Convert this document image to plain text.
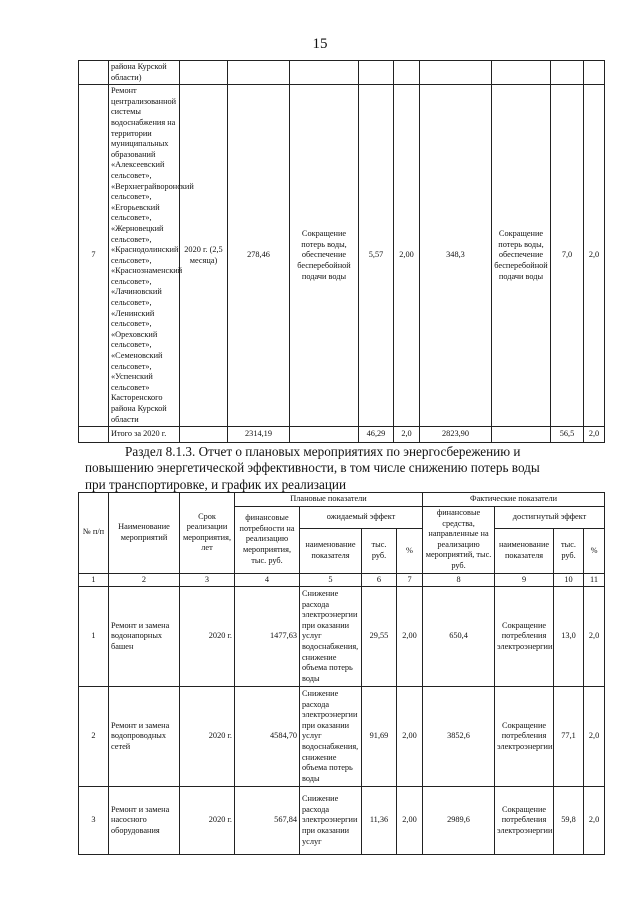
15
	района Курской области)									
7	Ремонт централизованной системы водоснабжения на территории муниципальных образований «Алексеевский сельсовет», «Верхнеграйворонский сельсовет», «Егорьевский сельсовет», «Жерновецкий сельсовет», «Краснодолинский сельсовет», «Краснознаменский сельсовет», «Лачиновский сельсовет», «Ленинский сельсовет», «Ореховский сельсовет», «Семеновский сельсовет», «Успенский сельсовет» Касторенского района Курской области	2020 г. (2,5 месяца)	278,46	Сокращение потерь воды, обеспечение бесперебойной подачи воды	5,57	2,00	348,3	Сокращение потерь воды, обеспечение бесперебойной подачи воды	7,0	2,0
	Итого за 2020 г.		2314,19		46,29	2,0	2823,90		56,5	2,0
Раздел 8.1.3. Отчет о плановых мероприятиях по энергосбережению и
повышению энергетической эффективности, в том числе снижению потерь воды
при транспортировке, и график их реализации
№ п/п	Наименование мероприятий	Срок реализации мероприятия, лет	Плановые показатели				Фактические показатели			
			финансовые потребности на реализацию мероприятия, тыс. руб.	ожидаемый эффект			финансовые средства, направленные на реализацию мероприятий, тыс. руб.	достигнутый эффект		
				наименование показателя	тыс. руб.	%		наименование показателя	тыс. руб.	%
1	2	3	4	5	6	7	8	9	10	11
1	Ремонт и замена водонапорных башен	2020 г.	1477,63	Снижение расхода электроэнергии при оказании услуг водоснабжения, снижение объема потерь воды	29,55	2,00	650,4	Сокращение потребления электроэнергии	13,0	2,0
2	Ремонт и замена водопроводных сетей	2020 г.	4584,70	Снижение расхода электроэнергии при оказании услуг водоснабжения, снижение объема потерь воды	91,69	2,00	3852,6	Сокращение потребления электроэнергии	77,1	2,0
3	Ремонт и замена насосного оборудования	2020 г.	567,84	Снижение расхода электроэнергии при оказании услуг	11,36	2,00	2989,6	Сокращение потребления электроэнергии	59,8	2,0
